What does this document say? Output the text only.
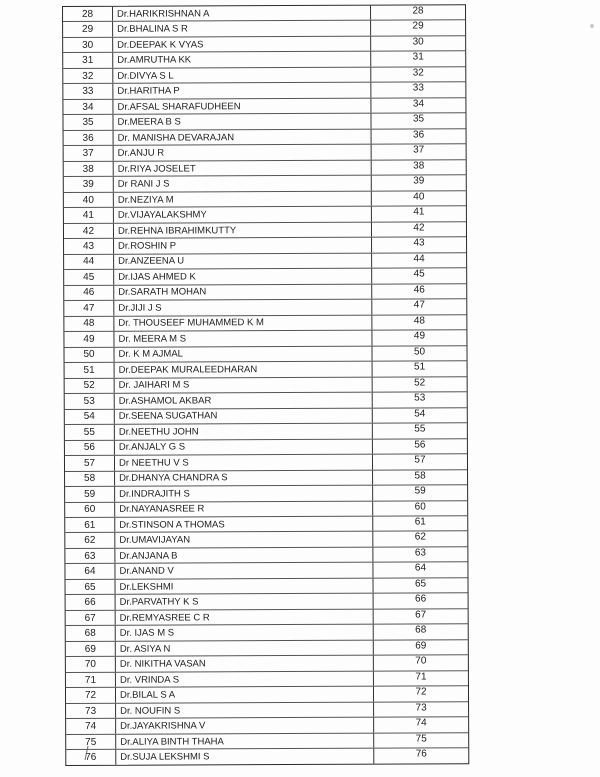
28	Dr.HARIKRISHNAN A	28
29	Dr.BHALINA S R	29
30	Dr.DEEPAK K VYAS	30
31	Dr.AMRUTHA KK	31
32	Dr.DIVYA S L	32
33	Dr.HARITHA P	33
34	Dr.AFSAL SHARAFUDHEEN	34
35	Dr.MEERA B S	35
36	Dr. MANISHA DEVARAJAN	36
37	Dr.ANJU R	37
38	Dr.RIYA JOSELET	38
39	Dr RANI J S	39
40	Dr.NEZIYA M	40
41	Dr.VIJAYALAKSHMY	41
42	Dr.REHNA IBRAHIMKUTTY	42
43	Dr.ROSHIN P	43
44	Dr.ANZEENA U	44
45	Dr.IJAS AHMED K	45
46	Dr.SARATH MOHAN	46
47	Dr.JIJI J S	47
48	Dr. THOUSEEF MUHAMMED K M	48
49	Dr. MEERA M S	49
50	Dr. K M AJMAL	50
51	Dr.DEEPAK MURALEEDHARAN	51
52	Dr. JAIHARI M S	52
53	Dr.ASHAMOL AKBAR	53
54	Dr.SEENA SUGATHAN	54
55	Dr.NEETHU JOHN	55
56	Dr.ANJALY G S	56
57	Dr NEETHU V S	57
58	Dr.DHANYA CHANDRA S	58
59	Dr.INDRAJITH S	59
60	Dr.NAYANASREE R	60
61	Dr.STINSON A THOMAS	61
62	Dr.UMAVIJAYAN	62
63	Dr.ANJANA B	63
64	Dr.ANAND V	64
65	Dr.LEKSHMI	65
66	Dr.PARVATHY K S	66
67	Dr.REMYASREE C R	67
68	Dr. IJAS M S	68
69	Dr. ASIYA N	69
70	Dr. NIKITHA VASAN	70
71	Dr. VRINDA S	71
72	Dr.BILAL S A	72
73	Dr. NOUFIN S	73
74	Dr.JAYAKRISHNA V	74
75	Dr.ALIYA BINTH THAHA	75
76	Dr.SUJA LEKSHMI S	76
